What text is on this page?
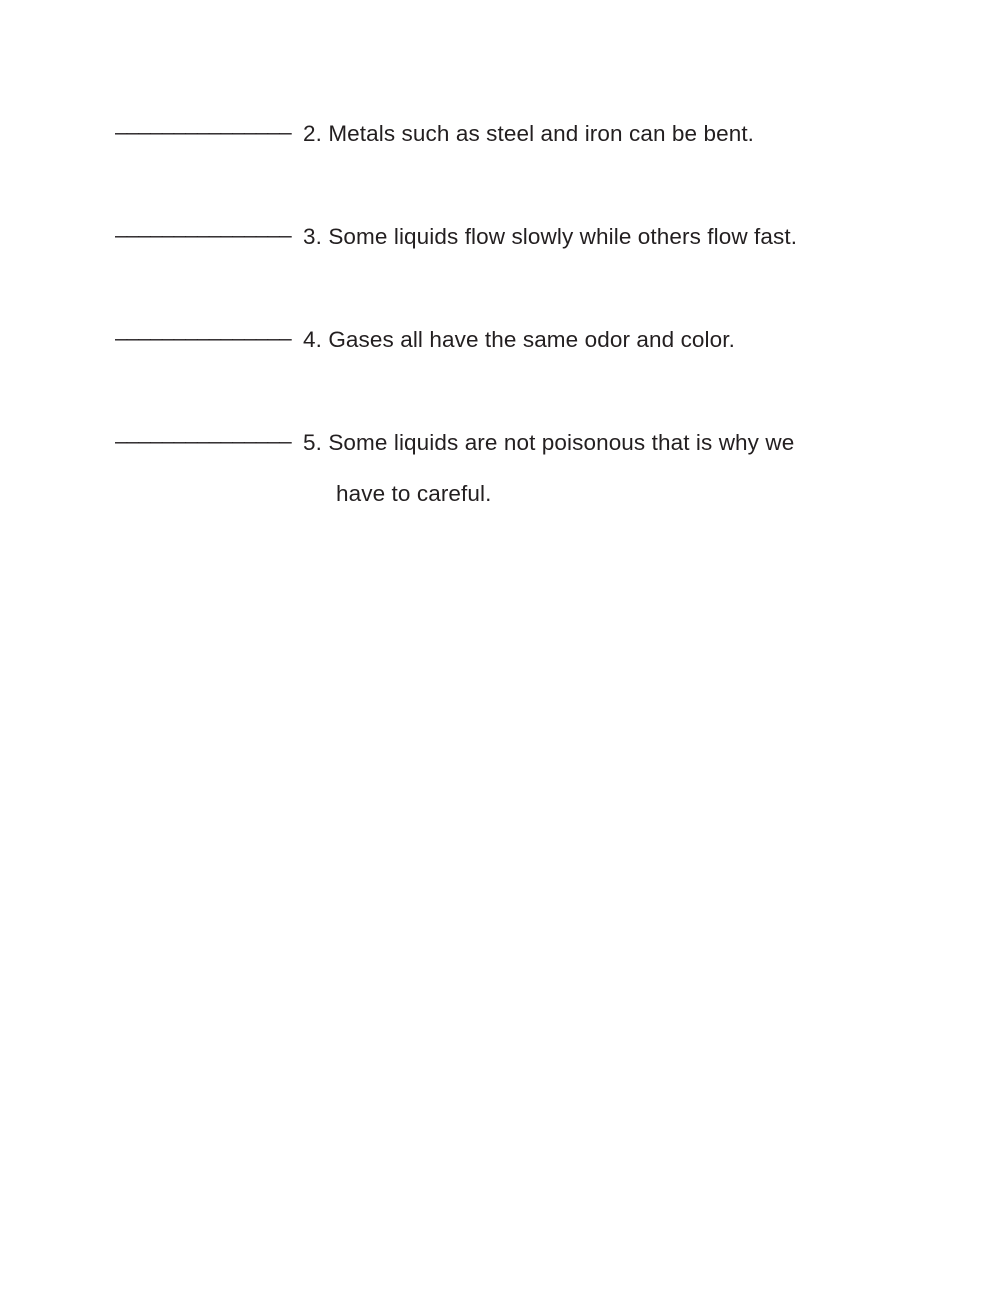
_______________ 2. Metals such as steel and iron can be bent.
_______________ 3. Some liquids flow slowly while others flow fast.
_______________ 4. Gases all have the same odor and color.
_______________ 5. Some liquids are not poisonous that is why we
have to careful.
